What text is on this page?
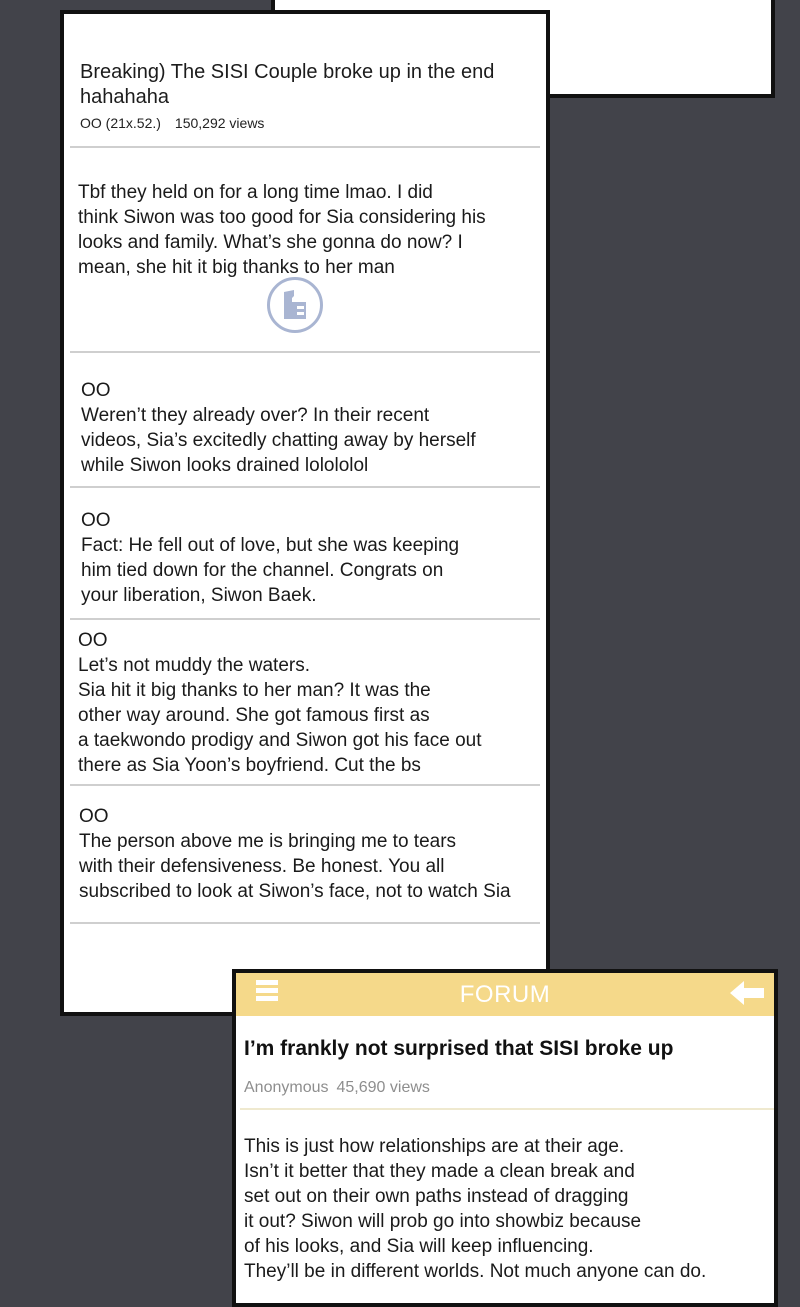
Breaking) The SISI Couple broke up in the end hahahaha
OO (21x.52.) 150,292 views
Tbf they held on for a long time lmao. I did
think Siwon was too good for Sia considering his
looks and family. What’s she gonna do now? I
mean, she hit it big thanks to her man
OO
Weren’t they already over? In their recent
videos, Sia’s excitedly chatting away by herself
while Siwon looks drained lolololol
OO
Fact: He fell out of love, but she was keeping
him tied down for the channel. Congrats on
your liberation, Siwon Baek.
OO
Let’s not muddy the waters.
Sia hit it big thanks to her man? It was the
other way around. She got famous first as
a taekwondo prodigy and Siwon got his face out
there as Sia Yoon’s boyfriend. Cut the bs
OO
The person above me is bringing me to tears
with their defensiveness. Be honest. You all
subscribed to look at Siwon’s face, not to watch Sia
FORUM
I’m frankly not surprised that SISI broke up
Anonymous 45,690 views
This is just how relationships are at their age.
Isn’t it better that they made a clean break and
set out on their own paths instead of dragging
it out? Siwon will prob go into showbiz because
of his looks, and Sia will keep influencing.
They’ll be in different worlds. Not much anyone can do.
